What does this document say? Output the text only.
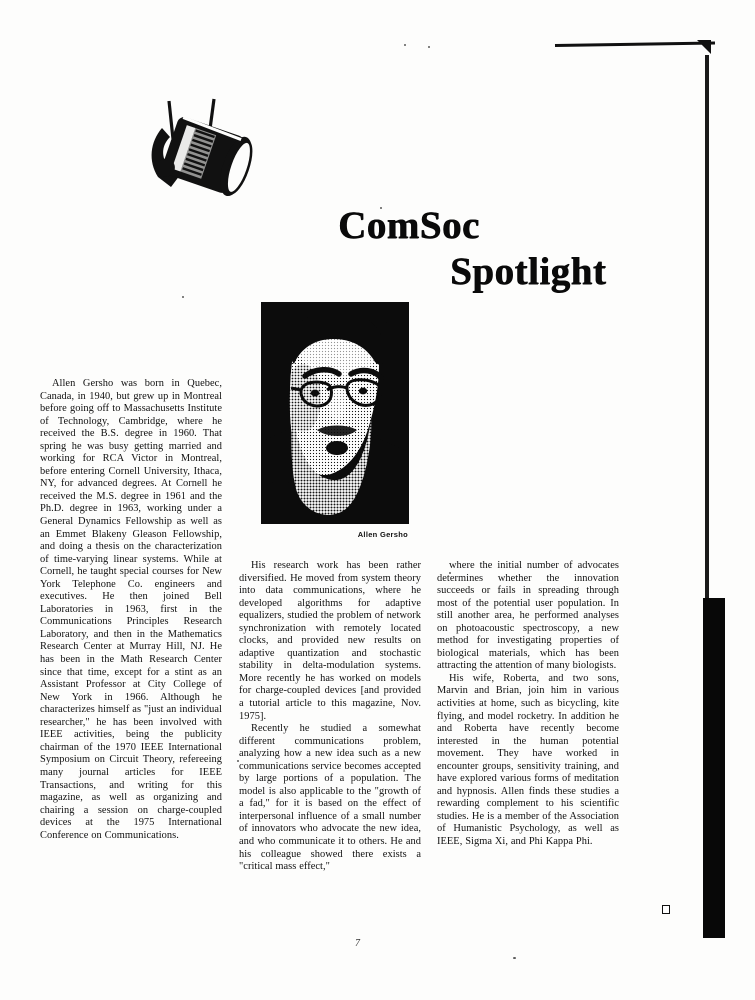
ComSoc
Spotlight
Allen Gersho

Allen Gersho was born in Quebec, Canada, in 1940, but grew up in Montreal before going off to Massachusetts Institute of Technology, Cambridge, where he received the B.S. degree in 1960. That spring he was busy getting married and working for RCA Victor in Montreal, before entering Cornell University, Ithaca, NY, for advanced degrees. At Cornell he received the M.S. degree in 1961 and the Ph.D. degree in 1963, working under a General Dynamics Fellowship as well as an Emmet Blakeny Gleason Fellowship, and doing a thesis on the characterization of time-varying linear systems. While at Cornell, he taught special courses for New York Telephone Co. engineers and executives. He then joined Bell Laboratories in 1963, first in the Communications Principles Research Laboratory, and then in the Mathematics Research Center at Murray Hill, NJ. He has been in the Math Research Center since that time, except for a stint as an Assistant Professor at City College of New York in 1966. Although he characterizes himself as "just an individual researcher," he has been involved with IEEE activities, being the publicity chairman of the 1970 IEEE International Symposium on Circuit Theory, refereeing many journal articles for IEEE Transactions, and writing for this magazine, as well as organizing and chairing a session on charge-coupled devices at the 1975 International Conference on Communications.

His research work has been rather diversified. He moved from system theory into data communications, where he developed algorithms for adaptive equalizers, studied the problem of network synchronization with remotely located clocks, and provided new results on adaptive quantization and stochastic stability in delta-modulation systems. More recently he has worked on models for charge-coupled devices [and provided a tutorial article to this magazine, Nov. 1975].

Recently he studied a somewhat different communications problem, analyzing how a new idea such as a new communications service becomes accepted by large portions of a population. The model is also applicable to the "growth of a fad," for it is based on the effect of interpersonal influence of a small number of innovators who advocate the new idea, and who communicate it to others. He and his colleague showed there exists a "critical mass effect,"

where the initial number of advocates determines whether the innovation succeeds or fails in spreading through most of the potential user population. In still another area, he performed analyses on photoacoustic spectroscopy, a new method for investigating properties of biological materials, which has been attracting the attention of many biologists.

His wife, Roberta, and two sons, Marvin and Brian, join him in various activities at home, such as bicycling, kite flying, and model rocketry. In addition he and Roberta have recently become interested in the human potential movement. They have worked in encounter groups, sensitivity training, and have explored various forms of meditation and hypnosis. Allen finds these studies a rewarding complement to his scientific studies. He is a member of the Association of Humanistic Psychology, as well as IEEE, Sigma Xi, and Phi Kappa Phi.

7
